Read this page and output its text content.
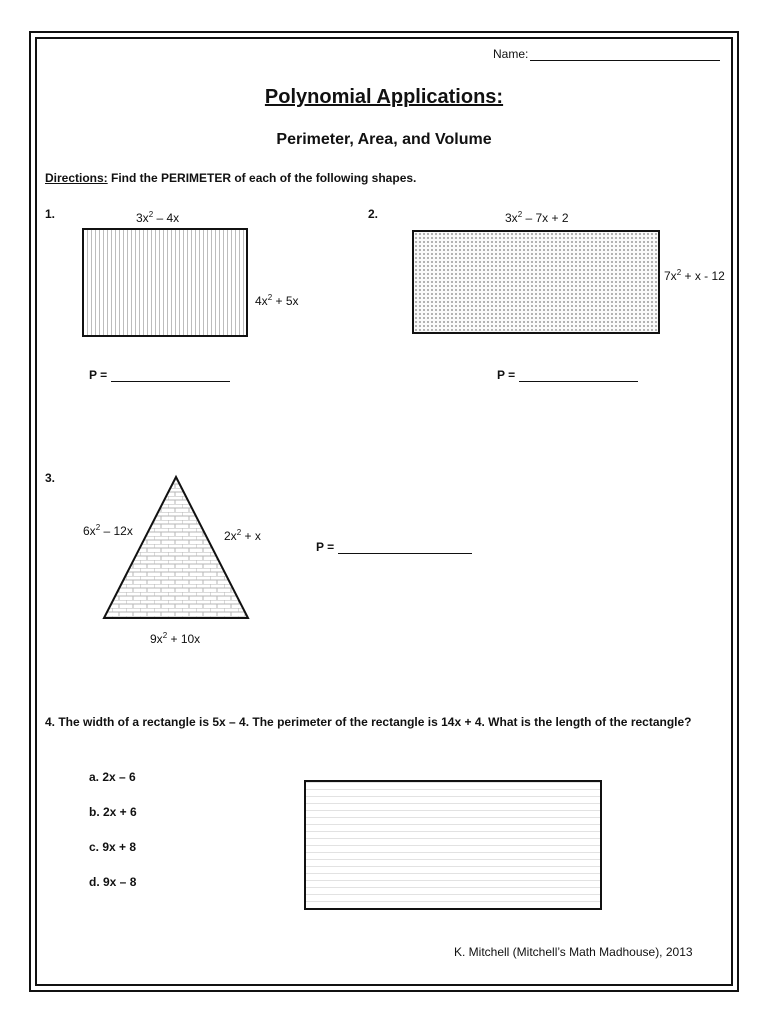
Name:
Polynomial Applications:
Perimeter, Area, and Volume
Directions: Find the PERIMETER of each of the following shapes.
1.	$3x^2 - 4x$
$4x^2 + 5x$
P =
2.	$3x^2 - 7x + 2$
$7x^2 + x - 12$
P =
3.
$6x^2 - 12x$	$2x^2 + x$
$9x^2 + 10x$
P =
4. The width of a rectangle is 5x – 4. The perimeter of the rectangle is 14x + 4. What is the length of the rectangle?
a. 2x – 6
b. 2x + 6
c. 9x + 8
d. 9x – 8
K. Mitchell (Mitchell’s Math Madhouse), 2013
